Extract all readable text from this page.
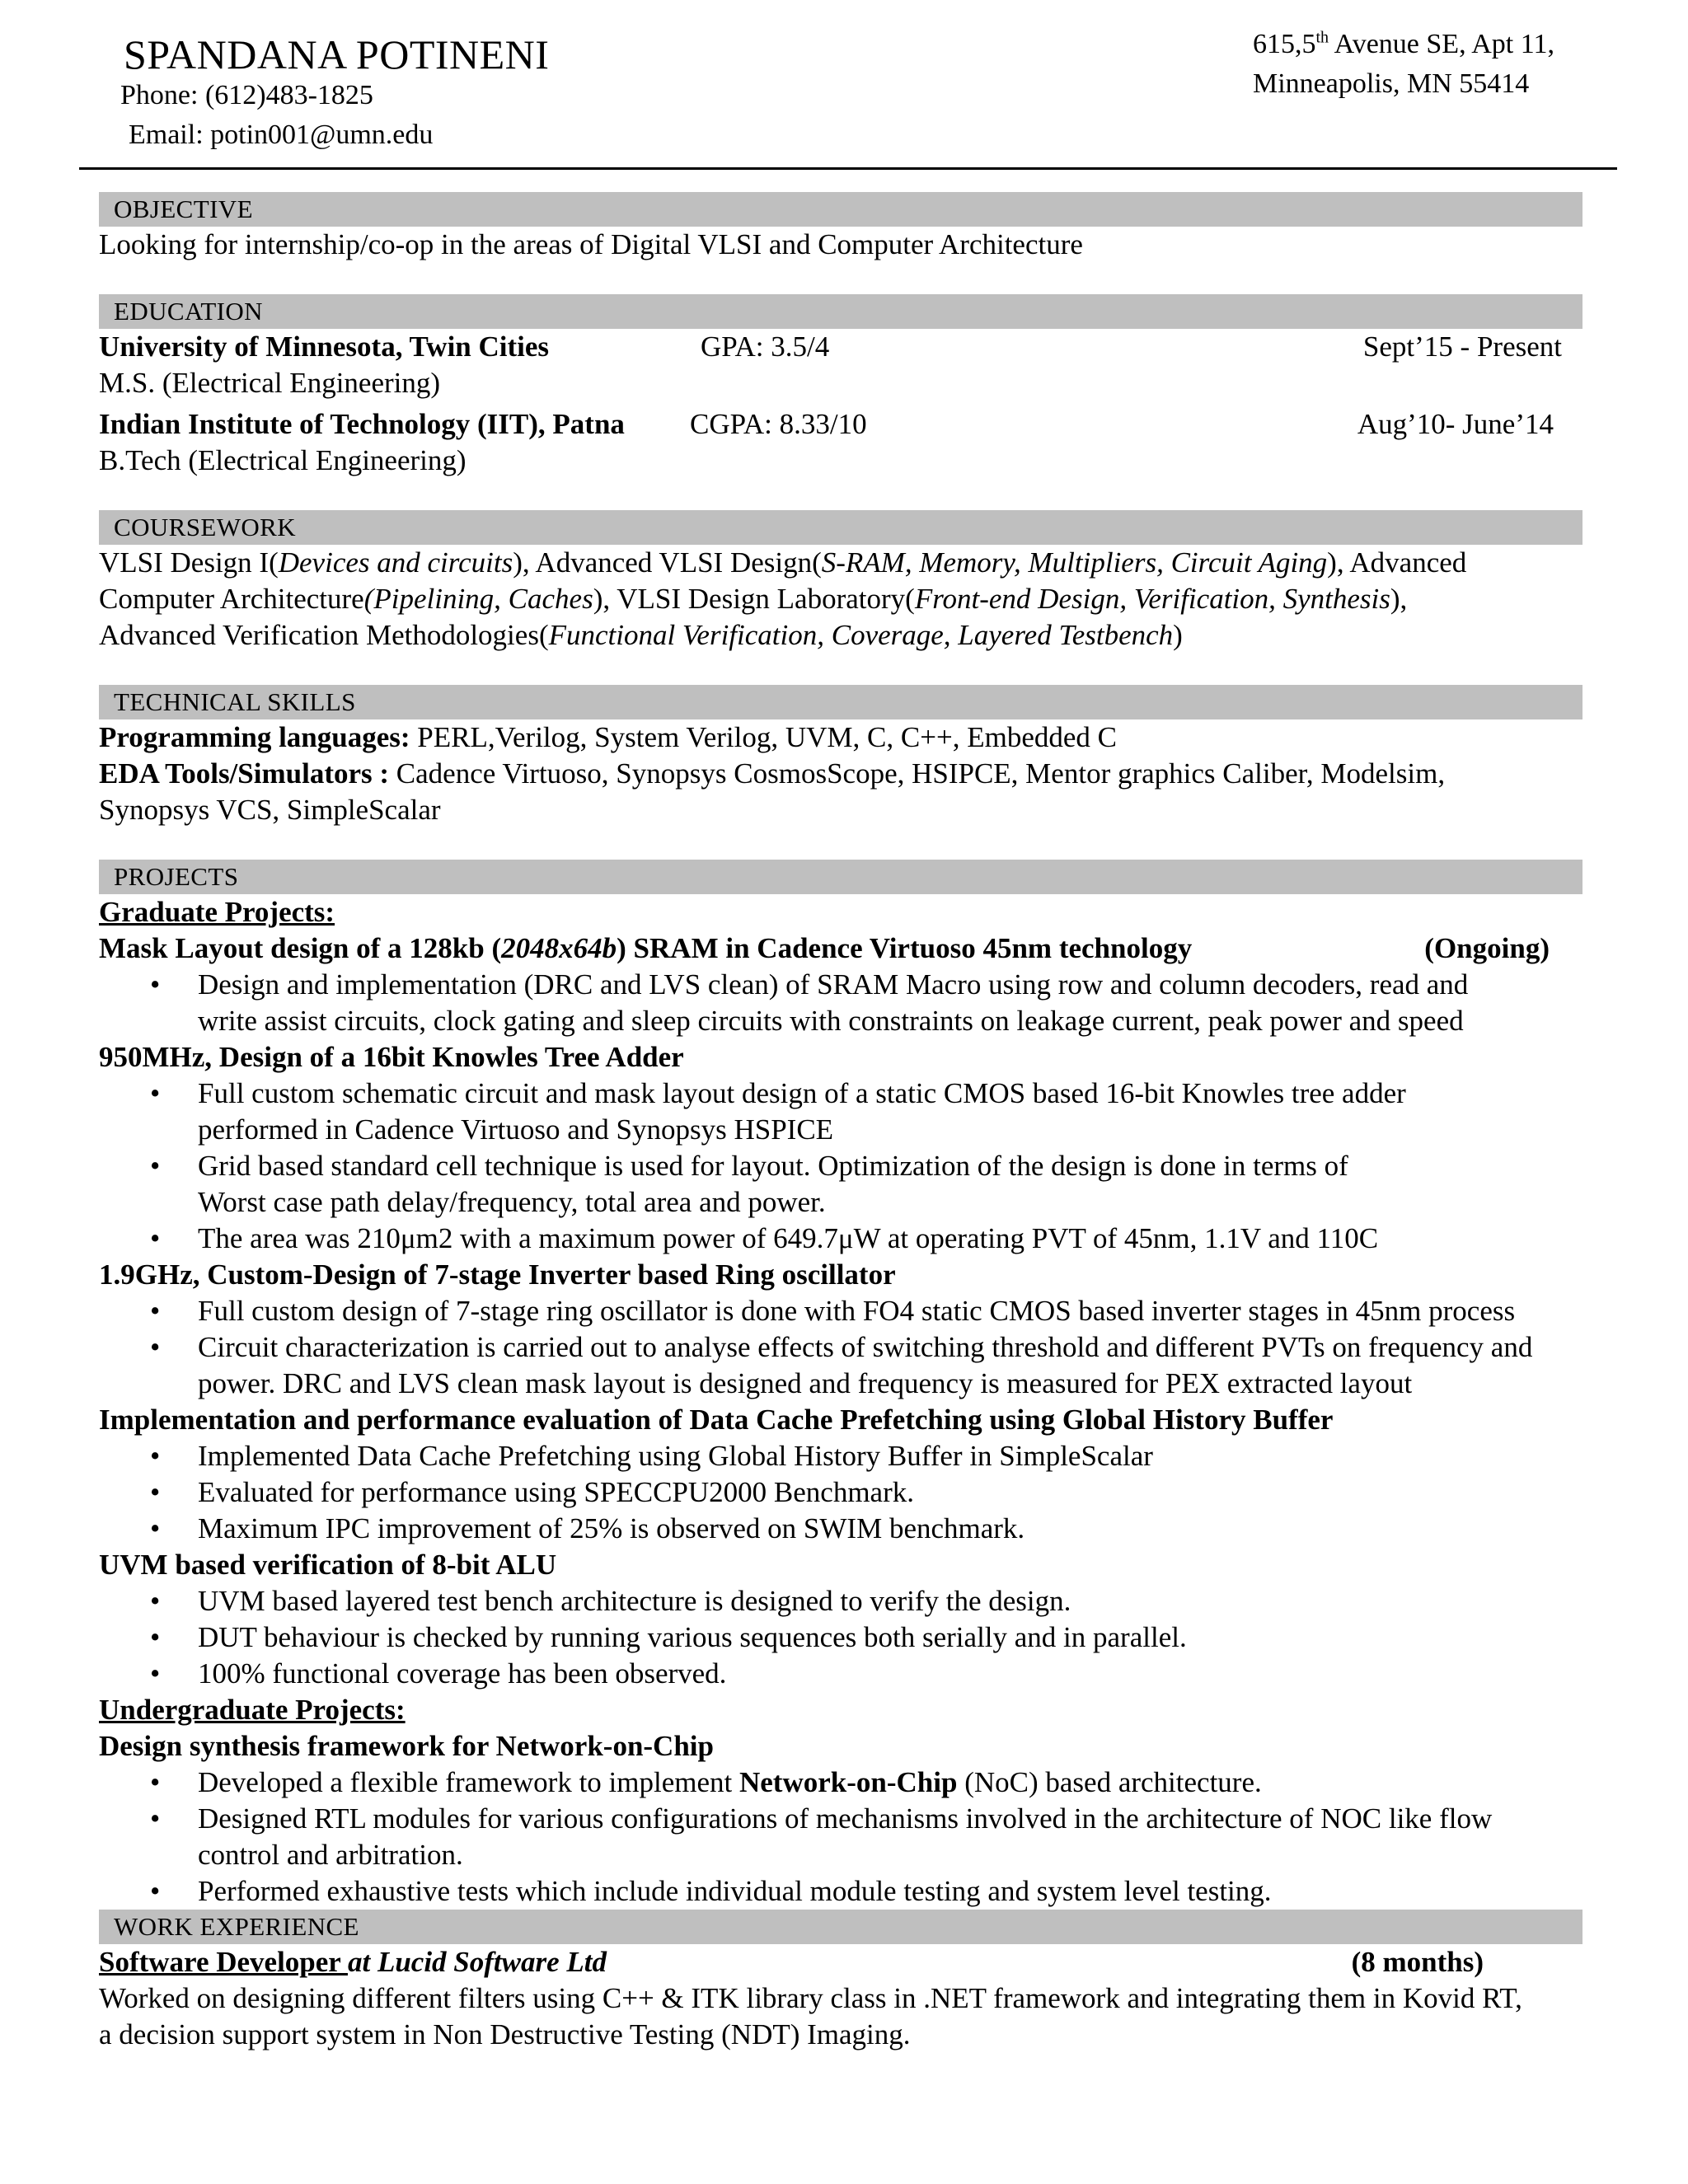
SPANDANA POTINENI
Phone: (612)483-1825
Email: potin001@umn.edu
615,5th Avenue SE, Apt 11,
Minneapolis, MN 55414
OBJECTIVE
Looking for internship/co-op in the areas of Digital VLSI and Computer Architecture
EDUCATION
University of Minnesota, Twin Cities	GPA: 3.5/4	Sept’15 - Present
M.S. (Electrical Engineering)
Indian Institute of Technology (IIT), Patna CGPA: 8.33/10	Aug’10- June’14
B.Tech (Electrical Engineering)
COURSEWORK
VLSI Design I(Devices and circuits), Advanced VLSI Design(S-RAM, Memory, Multipliers, Circuit Aging), Advanced
Computer Architecture(Pipelining, Caches), VLSI Design Laboratory(Front-end Design, Verification, Synthesis),
Advanced Verification Methodologies(Functional Verification, Coverage, Layered Testbench)
TECHNICAL SKILLS
Programming languages: PERL,Verilog, System Verilog, UVM, C, C++, Embedded C
EDA Tools/Simulators : Cadence Virtuoso, Synopsys CosmosScope, HSIPCE, Mentor graphics Caliber, Modelsim,
Synopsys VCS, SimpleScalar
PROJECTS
Graduate Projects:
Mask Layout design of a 128kb (2048x64b) SRAM in Cadence Virtuoso 45nm technology	(Ongoing)
• Design and implementation (DRC and LVS clean) of SRAM Macro using row and column decoders, read and
write assist circuits, clock gating and sleep circuits with constraints on leakage current, peak power and speed
950MHz, Design of a 16bit Knowles Tree Adder
• Full custom schematic circuit and mask layout design of a static CMOS based 16-bit Knowles tree adder
performed in Cadence Virtuoso and Synopsys HSPICE
• Grid based standard cell technique is used for layout. Optimization of the design is done in terms of
Worst case path delay/frequency, total area and power.
• The area was 210μm2 with a maximum power of 649.7μW at operating PVT of 45nm, 1.1V and 110C
1.9GHz, Custom-Design of 7-stage Inverter based Ring oscillator
• Full custom design of 7-stage ring oscillator is done with FO4 static CMOS based inverter stages in 45nm process
• Circuit characterization is carried out to analyse effects of switching threshold and different PVTs on frequency and
power. DRC and LVS clean mask layout is designed and frequency is measured for PEX extracted layout
Implementation and performance evaluation of Data Cache Prefetching using Global History Buffer
• Implemented Data Cache Prefetching using Global History Buffer in SimpleScalar
• Evaluated for performance using SPECCPU2000 Benchmark.
• Maximum IPC improvement of 25% is observed on SWIM benchmark.
UVM based verification of 8-bit ALU
• UVM based layered test bench architecture is designed to verify the design.
• DUT behaviour is checked by running various sequences both serially and in parallel.
• 100% functional coverage has been observed.
Undergraduate Projects:
Design synthesis framework for Network-on-Chip
• Developed a flexible framework to implement Network-on-Chip (NoC) based architecture.
• Designed RTL modules for various configurations of mechanisms involved in the architecture of NOC like flow
control and arbitration.
• Performed exhaustive tests which include individual module testing and system level testing.
WORK EXPERIENCE
Software Developer at Lucid Software Ltd	(8 months)
Worked on designing different filters using C++ & ITK library class in .NET framework and integrating them in Kovid RT,
a decision support system in Non Destructive Testing (NDT) Imaging.
